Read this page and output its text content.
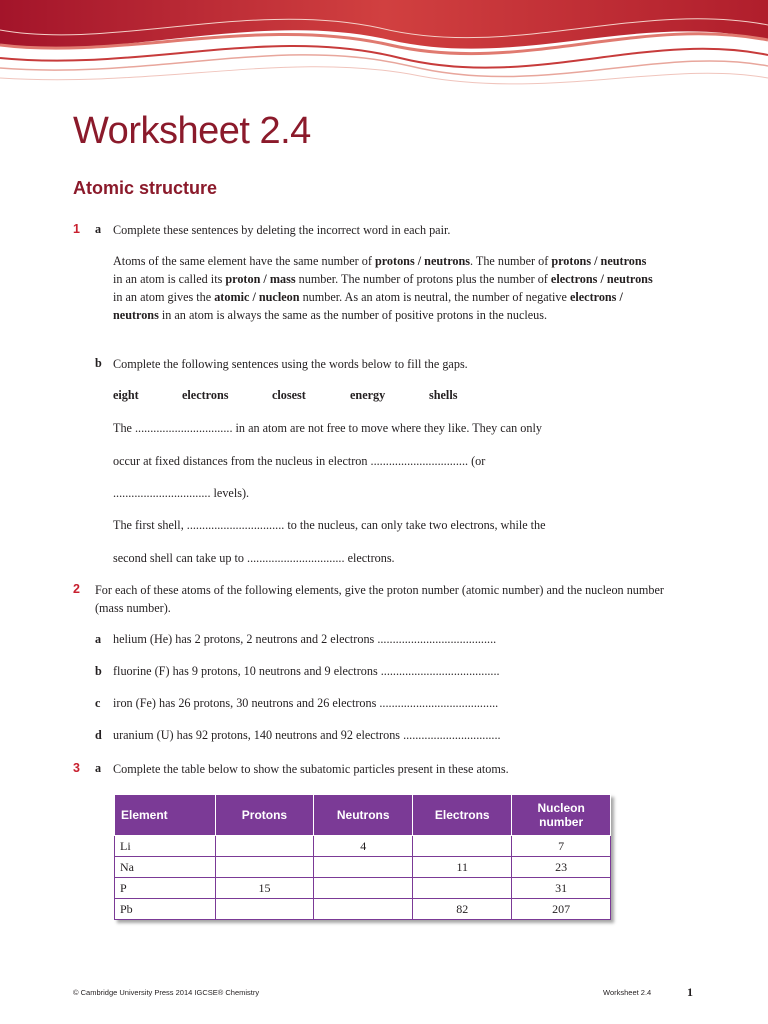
Worksheet 2.4
Atomic structure
1 a Complete these sentences by deleting the incorrect word in each pair.
Atoms of the same element have the same number of protons / neutrons. The number of protons / neutrons in an atom is called its proton / mass number. The number of protons plus the number of electrons / neutrons in an atom gives the atomic / nucleon number. As an atom is neutral, the number of negative electrons / neutrons in an atom is always the same as the number of positive protons in the nucleus.
b Complete the following sentences using the words below to fill the gaps.
eight	electrons	closest	energy	shells
The ................................ in an atom are not free to move where they like. They can only
occur at fixed distances from the nucleus in electron ................................ (or
................................ levels).
The first shell, ................................ to the nucleus, can only take two electrons, while the
second shell can take up to ................................ electrons.
2 For each of these atoms of the following elements, give the proton number (atomic number) and the nucleon number (mass number).
a helium (He) has 2 protons, 2 neutrons and 2 electrons .......................................
b fluorine (F) has 9 protons, 10 neutrons and 9 electrons .......................................
c iron (Fe) has 26 protons, 30 neutrons and 26 electrons .......................................
d uranium (U) has 92 protons, 140 neutrons and 92 electrons ................................
3 a Complete the table below to show the subatomic particles present in these atoms.
Element	Protons	Neutrons	Electrons	Nucleon number
Li		4		7
Na			11	23
P	15			31
Pb			82	207
© Cambridge University Press 2014 IGCSE® Chemistry	Worksheet 2.4	1
